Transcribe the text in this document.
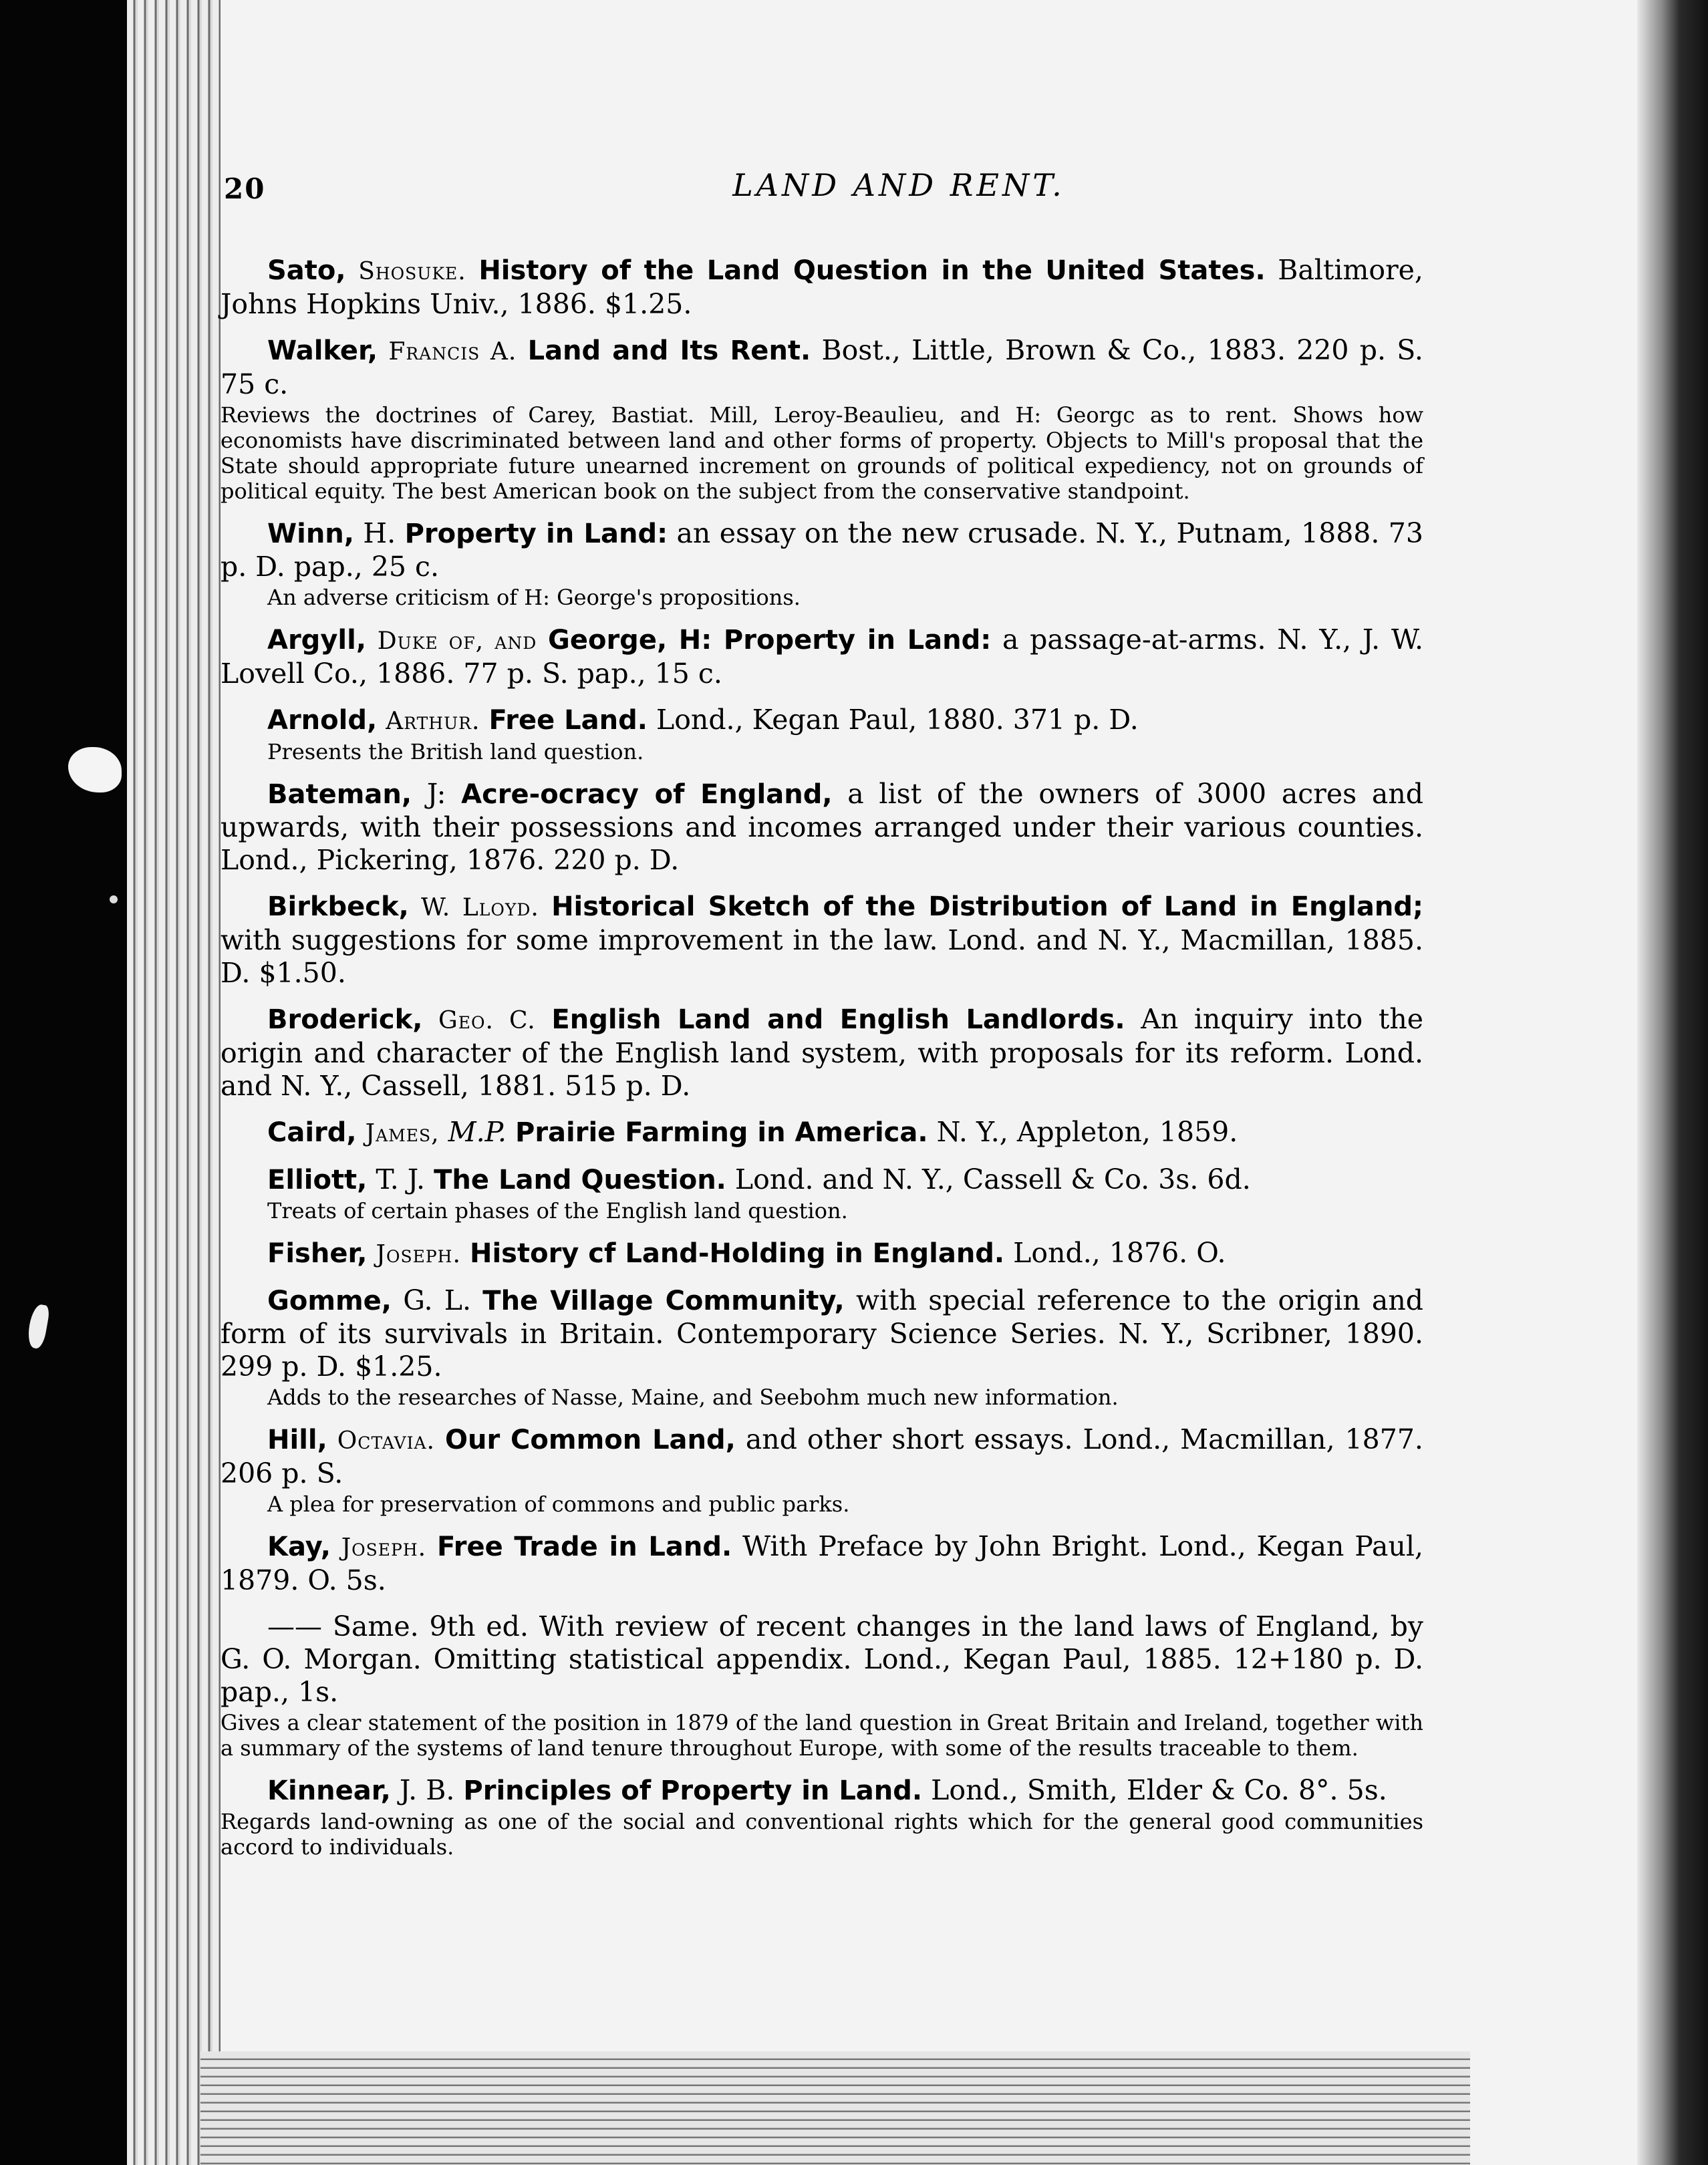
20	LAND AND RENT.

Sato, Shosuke. History of the Land Question in the United States. Baltimore, Johns Hopkins Univ., 1886. $1.25.

Walker, Francis A. Land and Its Rent. Bost., Little, Brown & Co., 1883. 220 p. S. 75 c.

Reviews the doctrines of Carey, Bastiat. Mill, Leroy-Beaulieu, and H: Georgc as to rent. Shows how economists have discriminated between land and other forms of property. Objects to Mill's proposal that the State should appropriate future unearned increment on grounds of political expediency, not on grounds of political equity. The best American book on the subject from the conservative standpoint.

Winn, H. Property in Land: an essay on the new crusade. N. Y., Putnam, 1888. 73 p. D. pap., 25 c.

An adverse criticism of H: George's propositions.

Argyll, Duke of, and George, H: Property in Land: a passage-at-arms. N. Y., J. W. Lovell Co., 1886. 77 p. S. pap., 15 c.

Arnold, Arthur. Free Land. Lond., Kegan Paul, 1880. 371 p. D.

Presents the British land question.

Bateman, J: Acre-ocracy of England, a list of the owners of 3000 acres and upwards, with their possessions and incomes arranged under their various counties. Lond., Pickering, 1876. 220 p. D.

Birkbeck, W. Lloyd. Historical Sketch of the Distribution of Land in England; with suggestions for some improvement in the law. Lond. and N. Y., Macmillan, 1885. D. $1.50.

Broderick, Geo. C. English Land and English Landlords. An inquiry into the origin and character of the English land system, with proposals for its reform. Lond. and N. Y., Cassell, 1881. 515 p. D.

Caird, James, M.P. Prairie Farming in America. N. Y., Appleton, 1859.

Elliott, T. J. The Land Question. Lond. and N. Y., Cassell & Co. 3s. 6d.

Treats of certain phases of the English land question.

Fisher, Joseph. History cf Land-Holding in England. Lond., 1876. O.

Gomme, G. L. The Village Community, with special reference to the origin and form of its survivals in Britain. Contemporary Science Series. N. Y., Scribner, 1890. 299 p. D. $1.25.

Adds to the researches of Nasse, Maine, and Seebohm much new information.

Hill, Octavia. Our Common Land, and other short essays. Lond., Macmillan, 1877. 206 p. S.

A plea for preservation of commons and public parks.

Kay, Joseph. Free Trade in Land. With Preface by John Bright. Lond., Kegan Paul, 1879. O. 5s.

—— Same. 9th ed. With review of recent changes in the land laws of England, by G. O. Morgan. Omitting statistical appendix. Lond., Kegan Paul, 1885. 12+180 p. D. pap., 1s.

Gives a clear statement of the position in 1879 of the land question in Great Britain and Ireland, together with a summary of the systems of land tenure throughout Europe, with some of the results traceable to them.

Kinnear, J. B. Principles of Property in Land. Lond., Smith, Elder & Co. 8°. 5s.

Regards land-owning as one of the social and conventional rights which for the general good communities accord to individuals.
